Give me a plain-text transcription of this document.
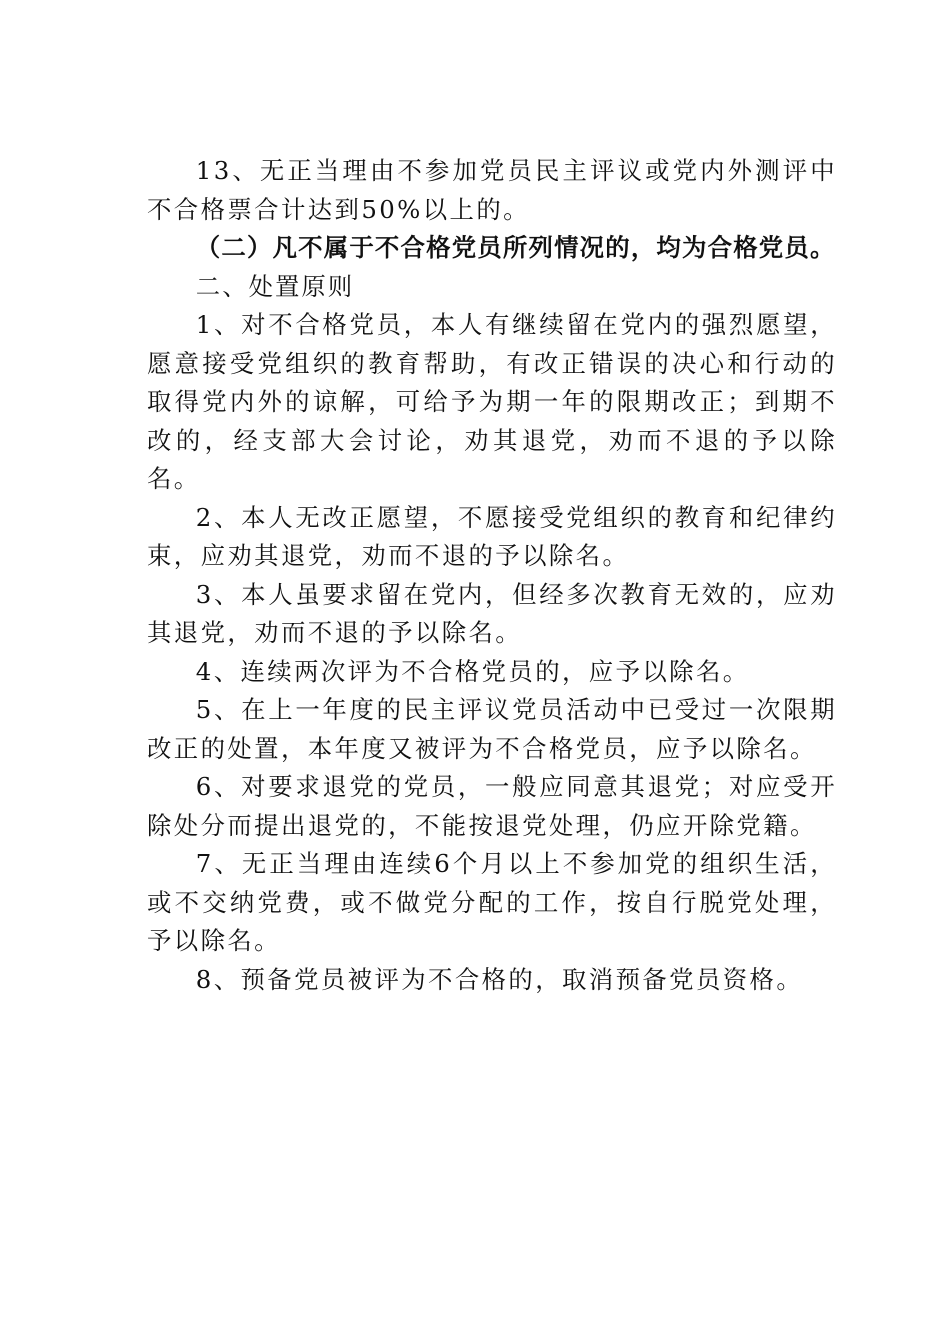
13、无正当理由不参加党员民主评议或党内外测评中不合格票合计达到50%以上的。

（二）凡不属于不合格党员所列情况的，均为合格党员。

二、处置原则

1、对不合格党员，本人有继续留在党内的强烈愿望，愿意接受党组织的教育帮助，有改正错误的决心和行动的取得党内外的谅解，可给予为期一年的限期改正；到期不改的，经支部大会讨论，劝其退党，劝而不退的予以除名。

2、本人无改正愿望，不愿接受党组织的教育和纪律约束，应劝其退党，劝而不退的予以除名。

3、本人虽要求留在党内，但经多次教育无效的，应劝其退党，劝而不退的予以除名。

4、连续两次评为不合格党员的，应予以除名。

5、在上一年度的民主评议党员活动中已受过一次限期改正的处置，本年度又被评为不合格党员，应予以除名。

6、对要求退党的党员，一般应同意其退党；对应受开除处分而提出退党的，不能按退党处理，仍应开除党籍。

7、无正当理由连续6个月以上不参加党的组织生活，或不交纳党费，或不做党分配的工作，按自行脱党处理，予以除名。

8、预备党员被评为不合格的，取消预备党员资格。
